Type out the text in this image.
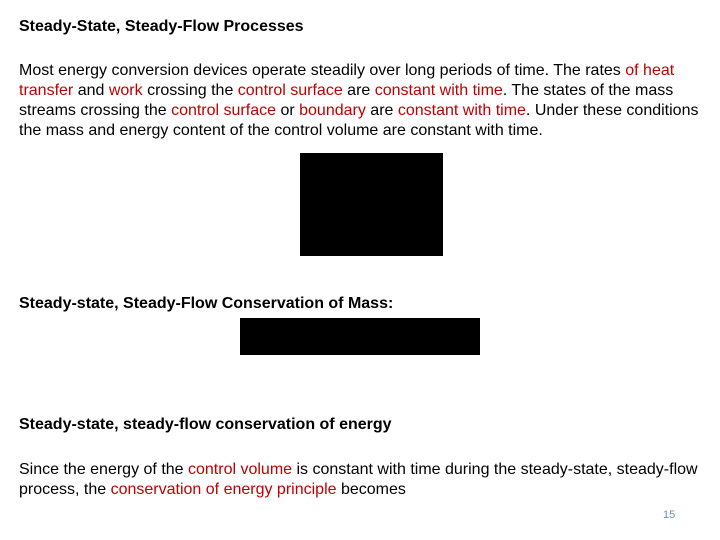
Steady-State, Steady-Flow Processes
Most energy conversion devices operate steadily over long periods of time. The rates of heat transfer and work crossing the control surface are constant with time. The states of the mass streams crossing the control surface or boundary are constant with time. Under these conditions the mass and energy content of the control volume are constant with time.
Steady-state, Steady-Flow Conservation of Mass:
Steady-state, steady-flow conservation of energy
Since the energy of the control volume is constant with time during the steady-state, steady-flow process, the conservation of energy principle becomes
15
